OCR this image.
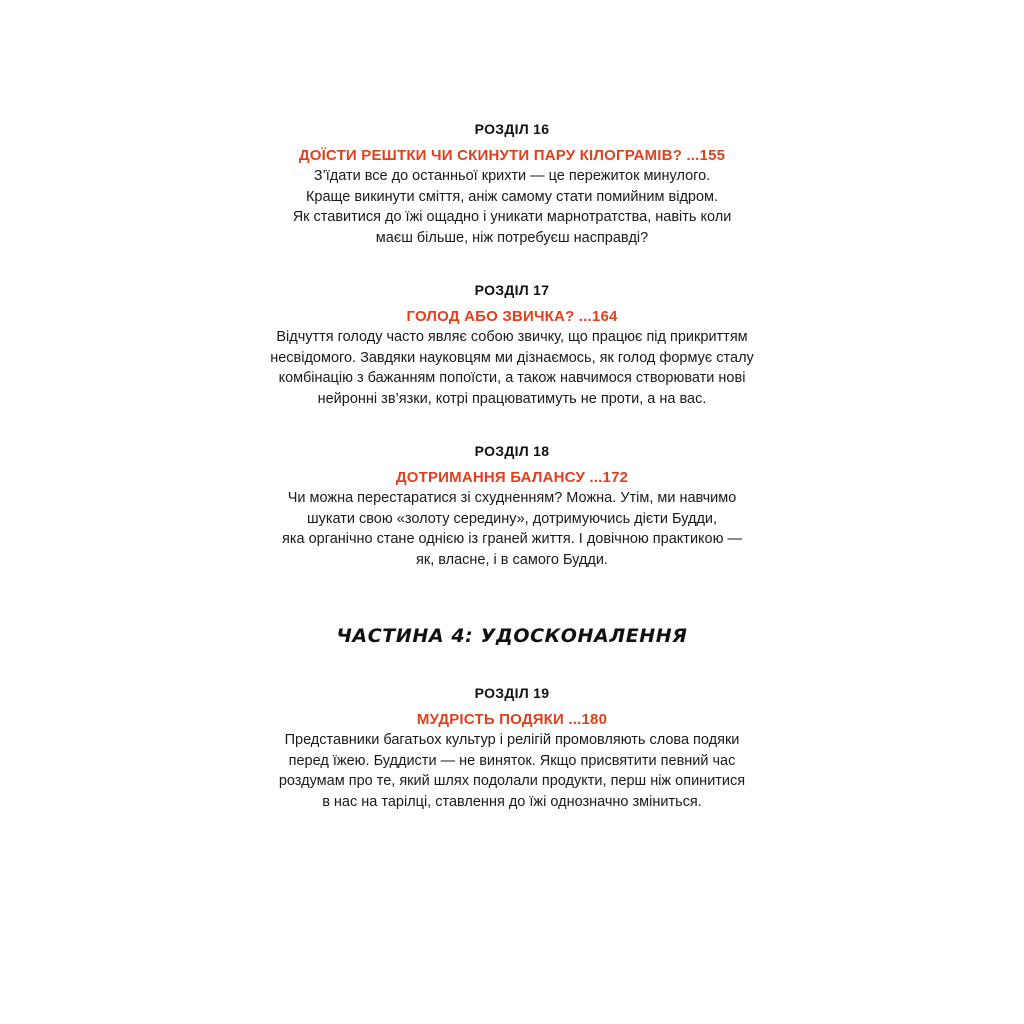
РОЗДІЛ 16

ДОЇСТИ РЕШТКИ ЧИ СКИНУТИ ПАРУ КІЛОГРАМІВ? ...155

З’їдати все до останньої крихти — це пережиток минулого.
Краще викинути сміття, аніж самому стати помийним відром.
Як ставитися до їжі ощадно і уникати марнотратства, навіть коли
маєш більше, ніж потребуєш насправді?

РОЗДІЛ 17

ГОЛОД АБО ЗВИЧКА? ...164

Відчуття голоду часто являє собою звичку, що працює під прикриттям
несвідомого. Завдяки науковцям ми дізнаємось, як голод формує сталу
комбінацію з бажанням попоїсти, а також навчимося створювати нові
нейронні зв’язки, котрі працюватимуть не проти, а на вас.

РОЗДІЛ 18

ДОТРИМАННЯ БАЛАНСУ ...172

Чи можна перестаратися зі схудненням? Можна. Утім, ми навчимо
шукати свою «золоту середину», дотримуючись дієти Будди,
яка органічно стане однією із граней життя. І довічною практикою —
як, власне, і в самого Будди.

ЧАСТИНА 4: УДОСКОНАЛЕННЯ

РОЗДІЛ 19

МУДРІСТЬ ПОДЯКИ ...180

Представники багатьох культур і релігій промовляють слова подяки
перед їжею. Буддисти — не виняток. Якщо присвятити певний час
роздумам про те, який шлях подолали продукти, перш ніж опинитися
в нас на тарілці, ставлення до їжі однозначно зміниться.
